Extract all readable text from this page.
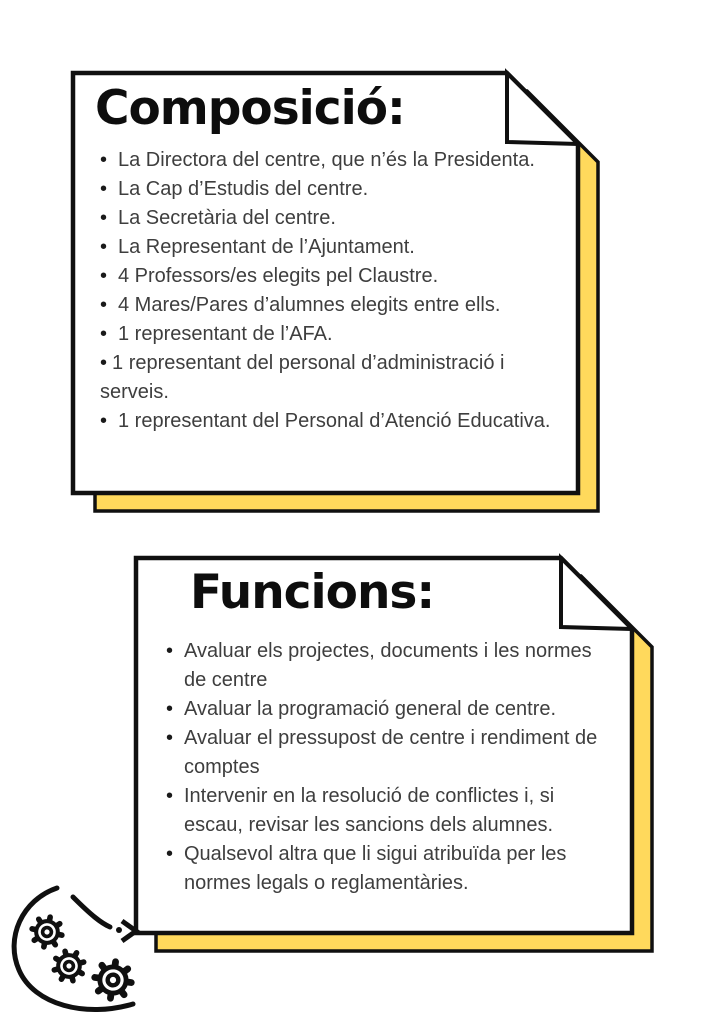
Composició:
• La Directora del centre, que n’és la Presidenta.
• La Cap d’Estudis del centre.
• La Secretària del centre.
• La Representant de l’Ajuntament.
• 4 Professors/es elegits pel Claustre.
• 4 Mares/Pares d’alumnes elegits entre ells.
• 1 representant de l’AFA.
• 1 representant del personal d’administració i serveis.
• 1 representant del Personal d’Atenció Educativa.
Funcions:
• Avaluar els projectes, documents i les normes de centre
• Avaluar la programació general de centre.
• Avaluar el pressupost de centre i rendiment de comptes
• Intervenir en la resolució de conflictes i, si escau, revisar les sancions dels alumnes.
• Qualsevol altra que li sigui atribuïda per les normes legals o reglamentàries.
